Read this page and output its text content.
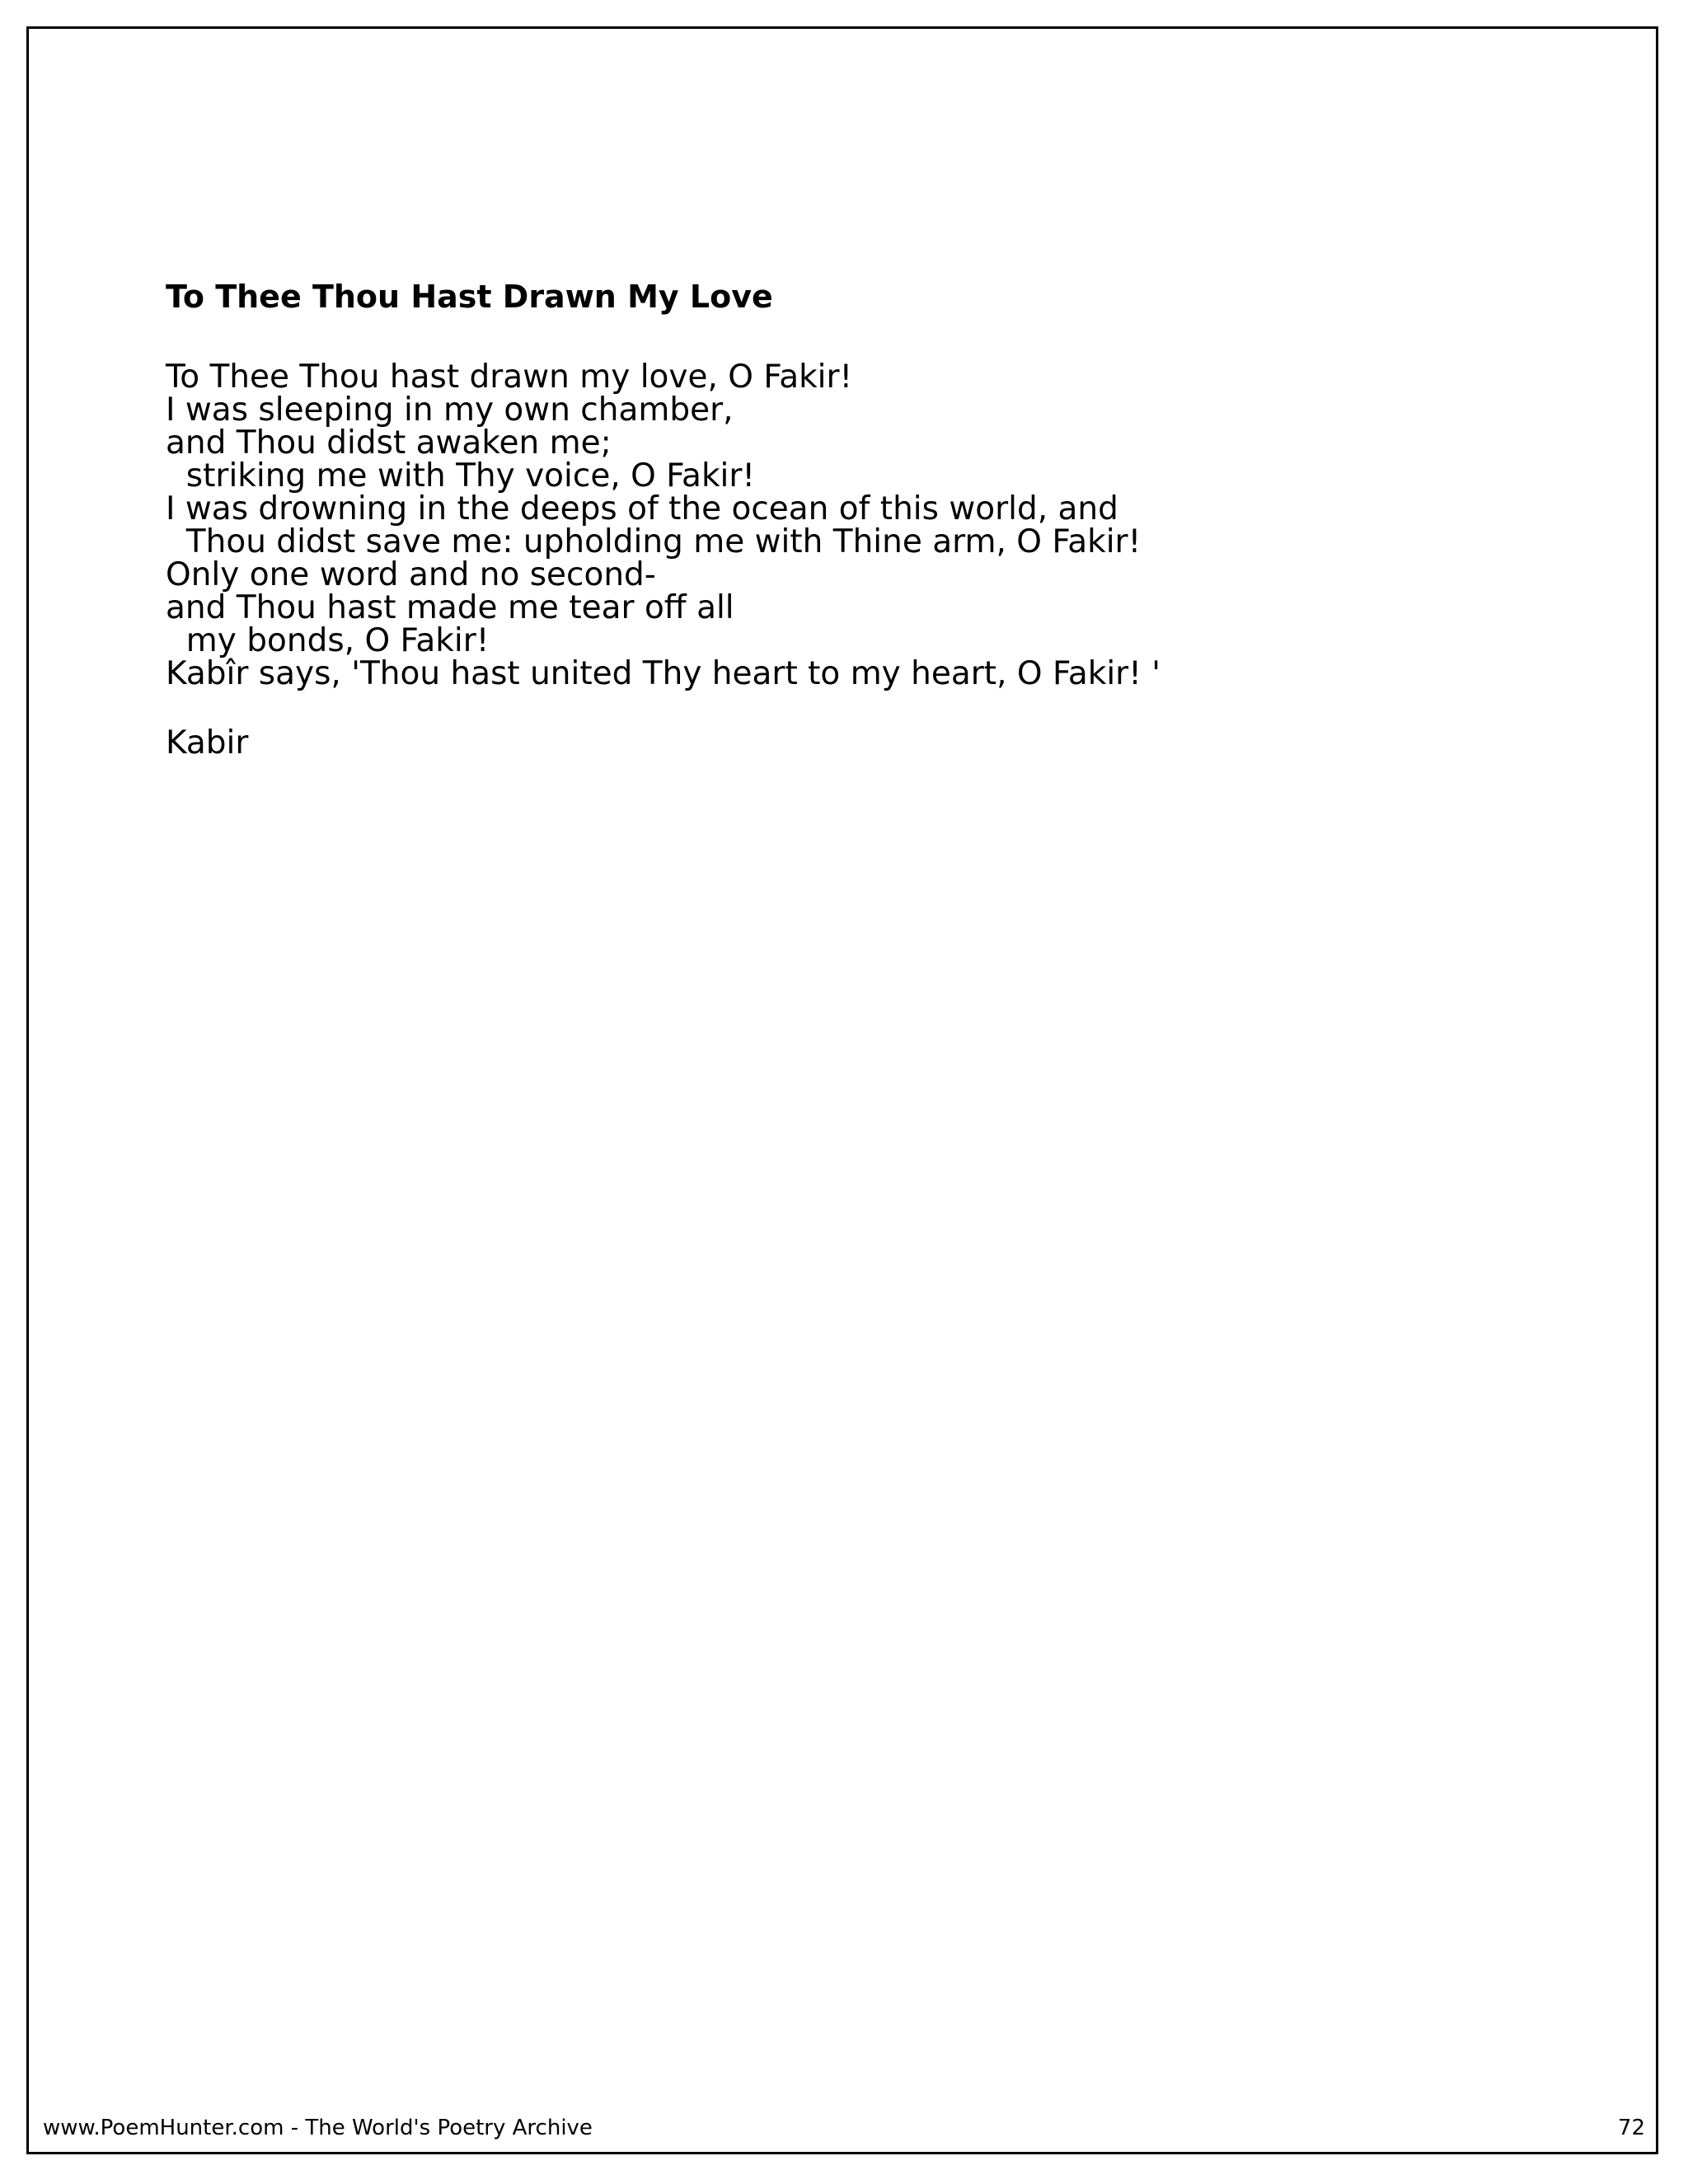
To Thee Thou Hast Drawn My Love
To Thee Thou hast drawn my love, O Fakir!
I was sleeping in my own chamber,
and Thou didst awaken me;
striking me with Thy voice, O Fakir!
I was drowning in the deeps of the ocean of this world, and
Thou didst save me: upholding me with Thine arm, O Fakir!
Only one word and no second-
and Thou hast made me tear off all
my bonds, O Fakir!
Kabîr says, 'Thou hast united Thy heart to my heart, O Fakir! '

Kabir

www.PoemHunter.com - The World's Poetry Archive	72
